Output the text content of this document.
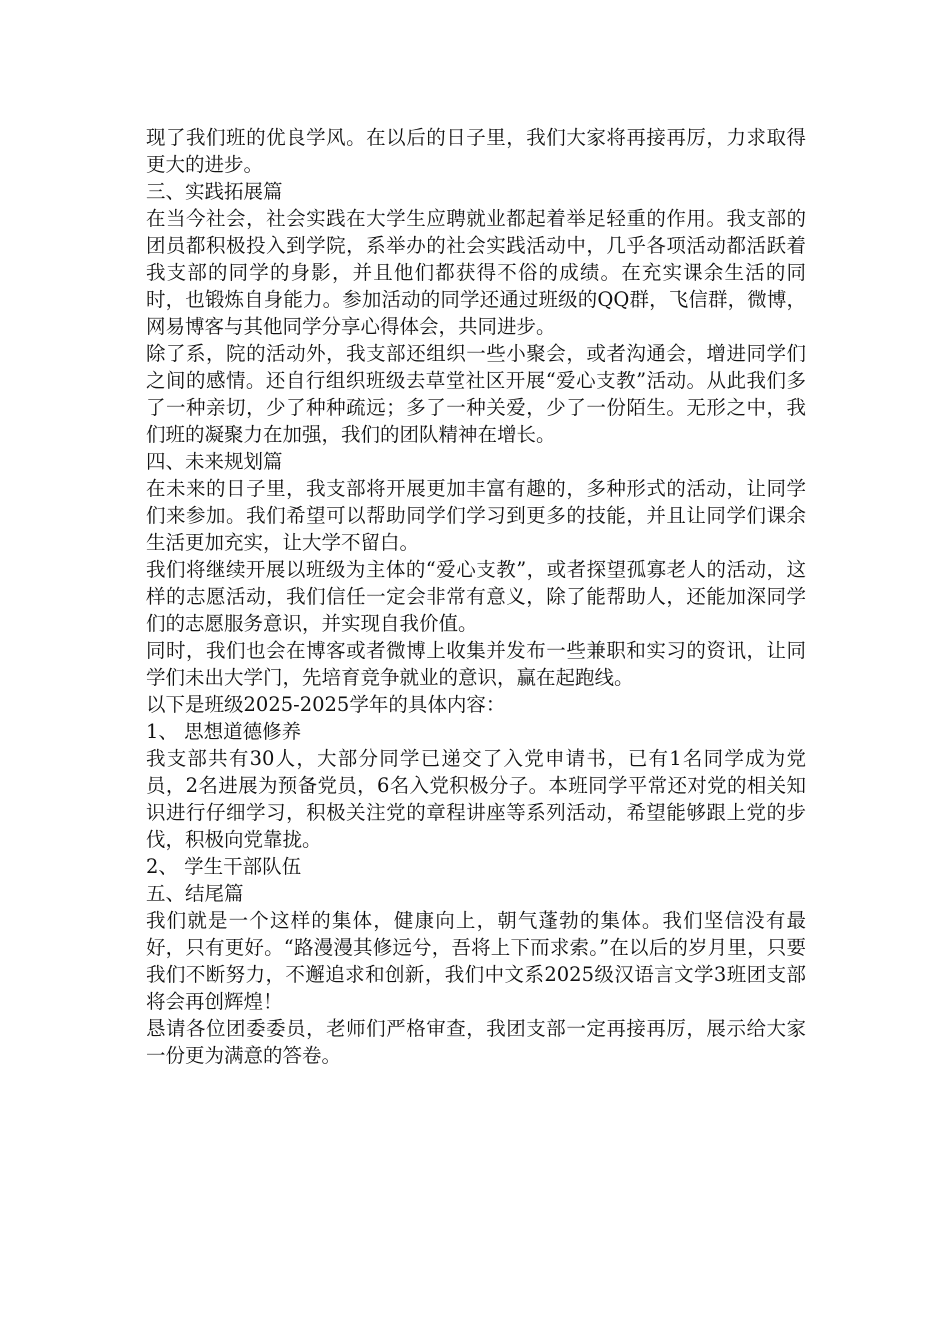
现了我们班的优良学风。在以后的日子里，我们大家将再接再厉，力求取得更大的进步。

三、实践拓展篇

在当今社会，社会实践在大学生应聘就业都起着举足轻重的作用。我支部的团员都积极投入到学院，系举办的社会实践活动中，几乎各项活动都活跃着我支部的同学的身影，并且他们都获得不俗的成绩。在充实课余生活的同时，也锻炼自身能力。参加活动的同学还通过班级的QQ群，飞信群，微博，网易博客与其他同学分享心得体会，共同进步。

除了系，院的活动外，我支部还组织一些小聚会，或者沟通会，增进同学们之间的感情。还自行组织班级去草堂社区开展“爱心支教”活动。从此我们多了一种亲切，少了种种疏远；多了一种关爱，少了一份陌生。无形之中，我们班的凝聚力在加强，我们的团队精神在增长。

四、未来规划篇

在未来的日子里，我支部将开展更加丰富有趣的，多种形式的活动，让同学们来参加。我们希望可以帮助同学们学习到更多的技能，并且让同学们课余生活更加充实，让大学不留白。

我们将继续开展以班级为主体的“爱心支教”，或者探望孤寡老人的活动，这样的志愿活动，我们信任一定会非常有意义，除了能帮助人，还能加深同学们的志愿服务意识，并实现自我价值。

同时，我们也会在博客或者微博上收集并发布一些兼职和实习的资讯，让同学们未出大学门，先培育竞争就业的意识，赢在起跑线。

以下是班级2025-2025学年的具体内容：

1、 思想道德修养

我支部共有30人，大部分同学已递交了入党申请书，已有1名同学成为党员，2名进展为预备党员，6名入党积极分子。本班同学平常还对党的相关知识进行仔细学习，积极关注党的章程讲座等系列活动，希望能够跟上党的步伐，积极向党靠拢。

2、 学生干部队伍

五、结尾篇

我们就是一个这样的集体，健康向上，朝气蓬勃的集体。我们坚信没有最好，只有更好。“路漫漫其修远兮，吾将上下而求索。”在以后的岁月里，只要我们不断努力，不邂追求和创新，我们中文系2025级汉语言文学3班团支部将会再创辉煌！

恳请各位团委委员，老师们严格审查，我团支部一定再接再厉，展示给大家一份更为满意的答卷。
